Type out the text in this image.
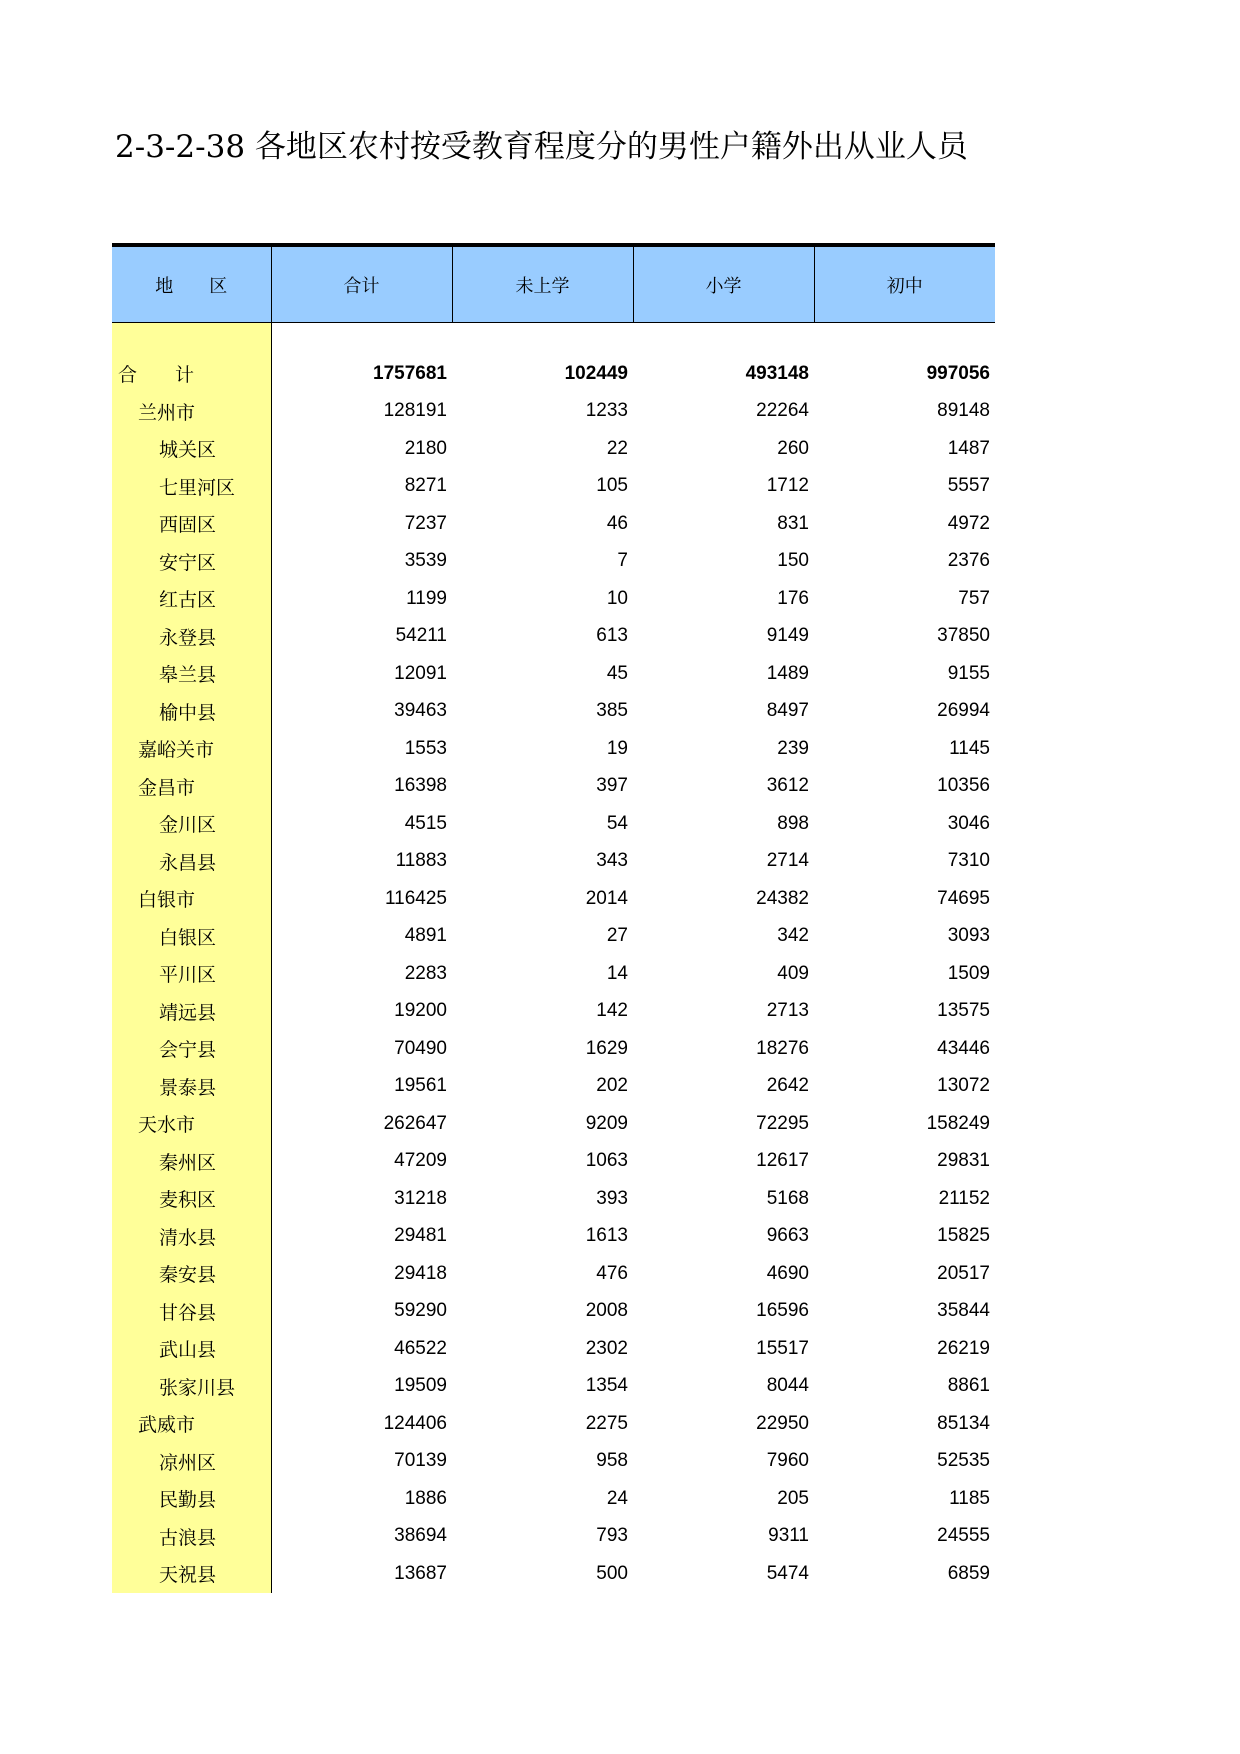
2-3-2-38 各地区农村按受教育程度分的男性户籍外出从业人员
地　　区	合计	未上学	小学	初中

合　　计	1757681	102449	493148	997056
兰州市	128191	1233	22264	89148
城关区	2180	22	260	1487
七里河区	8271	105	1712	5557
西固区	7237	46	831	4972
安宁区	3539	7	150	2376
红古区	1199	10	176	757
永登县	54211	613	9149	37850
皋兰县	12091	45	1489	9155
榆中县	39463	385	8497	26994
嘉峪关市	1553	19	239	1145
金昌市	16398	397	3612	10356
金川区	4515	54	898	3046
永昌县	11883	343	2714	7310
白银市	116425	2014	24382	74695
白银区	4891	27	342	3093
平川区	2283	14	409	1509
靖远县	19200	142	2713	13575
会宁县	70490	1629	18276	43446
景泰县	19561	202	2642	13072
天水市	262647	9209	72295	158249
秦州区	47209	1063	12617	29831
麦积区	31218	393	5168	21152
清水县	29481	1613	9663	15825
秦安县	29418	476	4690	20517
甘谷县	59290	2008	16596	35844
武山县	46522	2302	15517	26219
张家川县	19509	1354	8044	8861
武威市	124406	2275	22950	85134
凉州区	70139	958	7960	52535
民勤县	1886	24	205	1185
古浪县	38694	793	9311	24555
天祝县	13687	500	5474	6859
